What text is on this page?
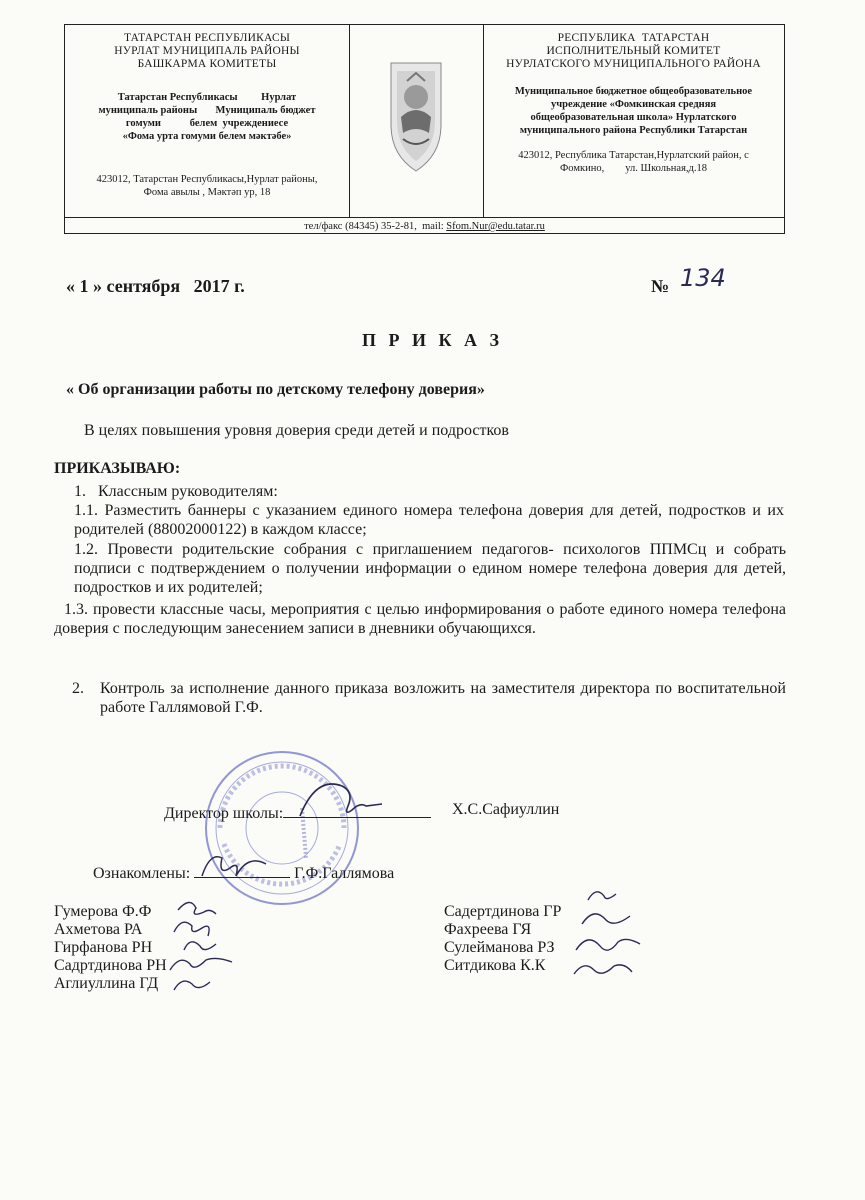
ТАТАРСТАН РЕСПУБЛИКАСЫ
НУРЛАТ МУНИЦИПАЛЬ РАЙОНЫ
БАШКАРМА КОМИТЕТЫ
Татарстан Республикасы         Нурлат
муниципаль районы       Муниципаль бюджет
гомуми           белем  учреждениесе
«Фома урта гомуми белем мәктәбе»
423012, Татарстан Республикасы,Нурлат районы,
Фома авылы , Мәктәп ур, 18
РЕСПУБЛИКА  ТАТАРСТАН
ИСПОЛНИТЕЛЬНЫЙ КОМИТЕТ
НУРЛАТСКОГО МУНИЦИПАЛЬНОГО РАЙОНА
Муниципальное бюджетное общеобразовательное
учреждение «Фомкинская средняя
общеобразовательная школа» Нурлатского
муниципального района Республики Татарстан
423012, Республика Татарстан,Нурлатский район, с
Фомкино,        ул. Школьная,д.18
тел/факс (84345) 35-2-81,  mail: Sfom.Nur@edu.tatar.ru
« 1 » сентября   2017 г.	№ 134
П Р И К А З
« Об организации работы по детскому телефону доверия»
В целях повышения уровня доверия среди детей и подростков
ПРИКАЗЫВАЮ:
1.   Классным руководителям:
1.1. Разместить баннеры с указанием единого номера телефона доверия для детей, подростков и их родителей (88002000122) в каждом классе;
1.2. Провести родительские собрания с приглашением педагогов- психологов ППМСц и собрать подписи с подтверждением о получении информации о едином номере телефона доверия для детей, подростков и их родителей;
1.3. провести классные часы, мероприятия с целью информирования о работе единого номера телефона доверия с последующим занесением записи в дневники обучающихся.
2. Контроль за исполнение данного приказа возложить на заместителя директора по воспитательной работе Галлямовой Г.Ф.
Директор школы:	Х.С.Сафиуллин
Ознакомлены:	Г.Ф.Галлямова
Гумерова Ф.Ф
Ахметова РА
Гирфанова РН
Садртдинова РН
Аглиуллина ГД
Садертдинова ГР
Фахреева ГЯ
Сулейманова РЗ
Ситдикова К.К
